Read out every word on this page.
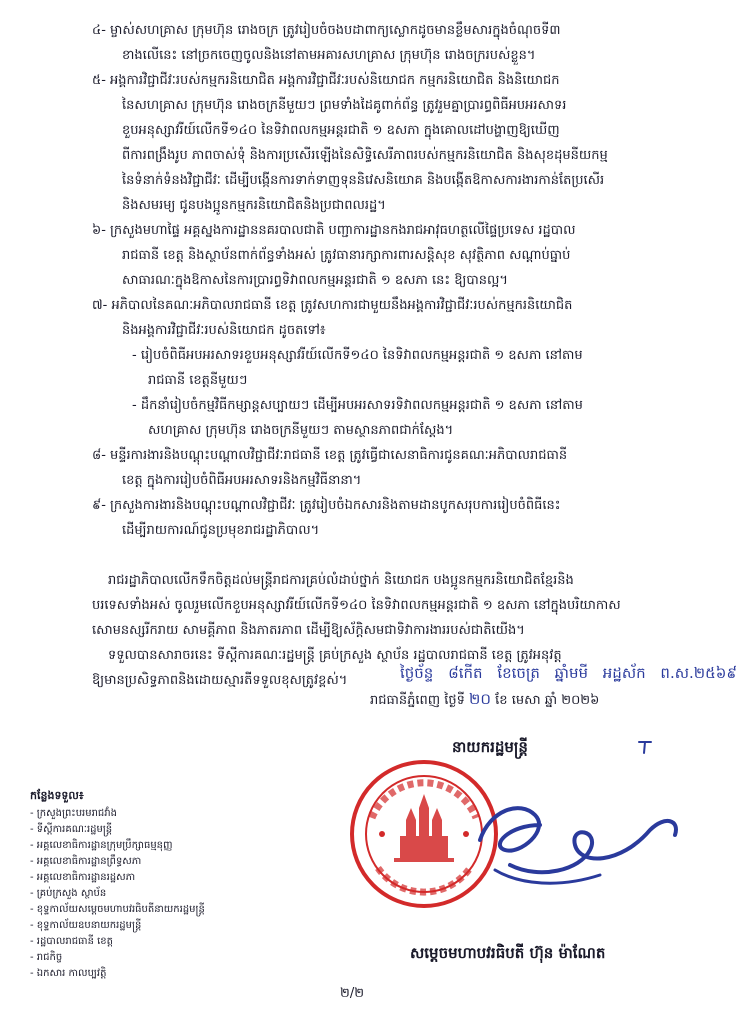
៤- ម្ចាស់សហគ្រាស ក្រុមហ៊ុន រោងចក្រ ត្រូវរៀបចំចងបដាពាក្យស្លោកដូចមានខ្លឹមសារក្នុងចំណុចទី៣
ខាងលើនេះ នៅច្រកចេញចូលនិងនៅតាមអគារសហគ្រាស ក្រុមហ៊ុន រោងចក្ររបស់ខ្លួន។
៥- អង្គការវិជ្ជាជីវៈរបស់កម្មករនិយោជិត អង្គការវិជ្ជាជីវៈរបស់និយោជក កម្មករនិយោជិត និងនិយោជក
នៃសហគ្រាស ក្រុមហ៊ុន រោងចក្រនីមួយៗ ព្រមទាំងដៃគូពាក់ព័ន្ធ ត្រូវរួមគ្នាប្រារព្ធពិធីអបអរសាទរ
ខួបអនុស្សាវរីយ៍លើកទី១៤០ នៃទិវាពលកម្មអន្តរជាតិ ១ ឧសភា ក្នុងគោលដៅបង្ហាញឱ្យឃើញ
ពីការពង្រឹងរូប ភាពចាស់ទុំ និងការប្រសើរឡើងនៃសិទ្ធិសេរីភាពរបស់កម្មករនិយោជិត និងសុខដុមនីយកម្ម
នៃទំនាក់ទំនងវិជ្ជាជីវៈ ដើម្បីបង្កើនការទាក់ទាញទុននិវេសនិយោគ និងបង្កើតឱកាសការងារកាន់តែប្រសើរ
និងសមរម្យ ជូនបងប្អូនកម្មករនិយោជិតនិងប្រជាពលរដ្ឋ។
៦- ក្រសួងមហាផ្ទៃ អគ្គស្នងការដ្ឋាននគរបាលជាតិ បញ្ជាការដ្ឋានកងរាជអាវុធហត្ថលើផ្ទៃប្រទេស រដ្ឋបាល
រាជធានី ខេត្ត និងស្ថាប័នពាក់ព័ន្ធទាំងអស់ ត្រូវធានារក្សាការពារសន្តិសុខ សុវត្ថិភាព សណ្តាប់ធ្នាប់
សាធារណៈក្នុងឱកាសនៃការប្រារព្ធទិវាពលកម្មអន្តរជាតិ ១ ឧសភា នេះ ឱ្យបានល្អ។
៧- អភិបាលនៃគណៈអភិបាលរាជធានី ខេត្ត ត្រូវសហការជាមួយនឹងអង្គការវិជ្ជាជីវៈរបស់កម្មករនិយោជិត
និងអង្គការវិជ្ជាជីវៈរបស់និយោជក ដូចតទៅ៖
- រៀបចំពិធីអបអរសាទរខួបអនុស្សាវរីយ៍លើកទី១៤០ នៃទិវាពលកម្មអន្តរជាតិ ១ ឧសភា នៅតាម
រាជធានី ខេត្តនីមួយៗ
- ដឹកនាំរៀបចំកម្មវិធីកម្សាន្តសប្បាយៗ ដើម្បីអបអរសាទរទិវាពលកម្មអន្តរជាតិ ១ ឧសភា នៅតាម
សហគ្រាស ក្រុមហ៊ុន រោងចក្រនីមួយៗ តាមស្ថានភាពជាក់ស្តែង។
៨- មន្ទីរការងារនិងបណ្តុះបណ្តាលវិជ្ជាជីវៈរាជធានី ខេត្ត ត្រូវធ្វើជាសេនាធិការជូនគណៈអភិបាលរាជធានី
ខេត្ត ក្នុងការរៀបចំពិធីអបអរសាទរនិងកម្មវិធីនានា។
៩- ក្រសួងការងារនិងបណ្តុះបណ្តាលវិជ្ជាជីវៈ ត្រូវរៀបចំឯកសារនិងតាមដានបូកសរុបការរៀបចំពិធីនេះ
ដើម្បីរាយការណ៍ជូនប្រមុខរាជរដ្ឋាភិបាល។
រាជរដ្ឋាភិបាលលើកទឹកចិត្តដល់មន្ត្រីរាជការគ្រប់លំដាប់ថ្នាក់ និយោជក បងប្អូនកម្មករនិយោជិតខ្មែរនិង
បរទេសទាំងអស់ ចូលរួមលើកខួបអនុស្សាវរីយ៍លើកទី១៤០ នៃទិវាពលកម្មអន្តរជាតិ ១ ឧសភា នៅក្នុងបរិយាកាស
សោមនស្សរីករាយ សាមគ្គីភាព និងភាតរភាព ដើម្បីឱ្យស័ក្តិសមជាទិវាការងាររបស់ជាតិយើង។
ទទួលបានសារាចរនេះ ទីស្តីការគណៈរដ្ឋមន្ត្រី គ្រប់ក្រសួង ស្ថាប័ន រដ្ឋបាលរាជធានី ខេត្ត ត្រូវអនុវត្ត
ឱ្យមានប្រសិទ្ធភាពនិងដោយស្មារតីទទួលខុសត្រូវខ្ពស់។	ថ្ងៃច័ន្ទ ៨កើត ខែចេត្រ ឆ្នាំមមី អដ្ឋស័ក ព.ស.២៥៦៩
រាជធានីភ្នំពេញ ថ្ងៃទី ២០ ខែ មេសា ឆ្នាំ ២០២៦
កន្លែងទទួល៖
- ក្រសួងព្រះបរមរាជវាំង
- ទីស្តីការគណៈរដ្ឋមន្ត្រី
- អគ្គលេខាធិការដ្ឋានក្រុមប្រឹក្សាធម្មនុញ្ញ
- អគ្គលេខាធិការដ្ឋានព្រឹទ្ធសភា
- អគ្គលេខាធិការដ្ឋានរដ្ឋសភា
- គ្រប់ក្រសួង ស្ថាប័ន
- ខុទ្ទកាល័យសម្តេចមហាបវរធិបតីនាយករដ្ឋមន្ត្រី
- ខុទ្ទកាល័យឧបនាយករដ្ឋមន្ត្រី
- រដ្ឋបាលរាជធានី ខេត្ត
- រាជកិច្ច
- ឯកសារ កាលប្បវត្តិ
នាយករដ្ឋមន្ត្រី
សម្តេចមហាបវរធិបតី ហ៊ុន ម៉ាណែត
២/២
